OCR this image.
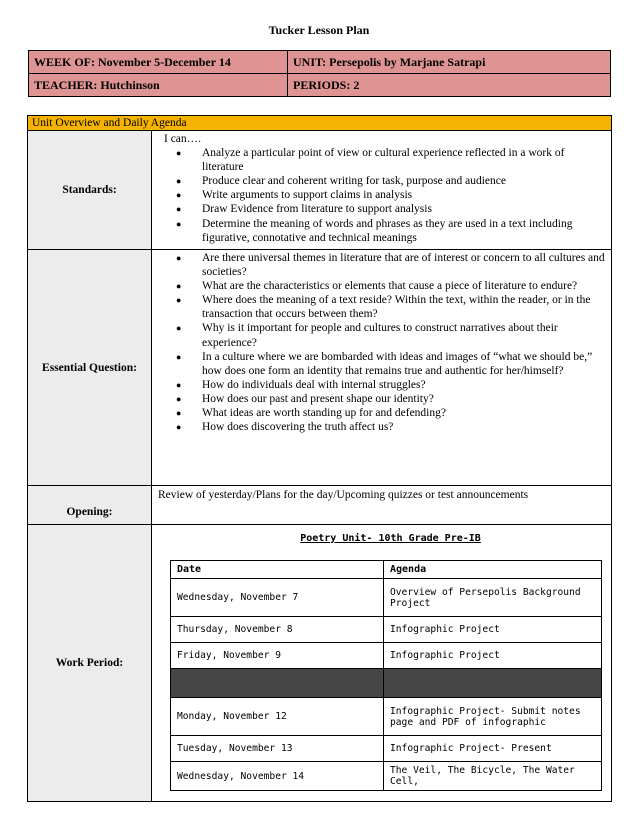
Tucker Lesson Plan
WEEK OF: November 5-December 14	UNIT: Persepolis by Marjane Satrapi
TEACHER: Hutchinson	PERIODS: 2
Unit Overview and Daily Agenda
Standards:	
I can….
● Analyze a particular point of view or cultural experience reflected in a work of literature
● Produce clear and coherent writing for task, purpose and audience
● Write arguments to support claims in analysis
● Draw Evidence from literature to support analysis
● Determine the meaning of words and phrases as they are used in a text including figurative, connotative and technical meanings

Essential Question:	
● Are there universal themes in literature that are of interest or concern to all cultures and societies?
● What are the characteristics or elements that cause a piece of literature to endure?
● Where does the meaning of a text reside? Within the text, within the reader, or in the transaction that occurs between them?
● Why is it important for people and cultures to construct narratives about their experience?
● In a culture where we are bombarded with ideas and images of “what we should be,” how does one form an identity that remains true and authentic for her/himself?
● How do individuals deal with internal struggles?
● How does our past and present shape our identity?
● What ideas are worth standing up for and defending?
● How does discovering the truth affect us?

Opening:	Review of yesterday/Plans for the day/Upcoming quizzes or test announcements
Work Period:	
Poetry Unit- 10th Grade Pre-IB
Date	Agenda
Wednesday, November 7	Overview of Persepolis Background Project
Thursday, November 8	Infographic Project
Friday, November 9	Infographic Project

Monday, November 12	Infographic Project- Submit notes page and PDF of infographic
Tuesday, November 13	Infographic Project- Present
Wednesday, November 14	The Veil, The Bicycle, The Water Cell,
